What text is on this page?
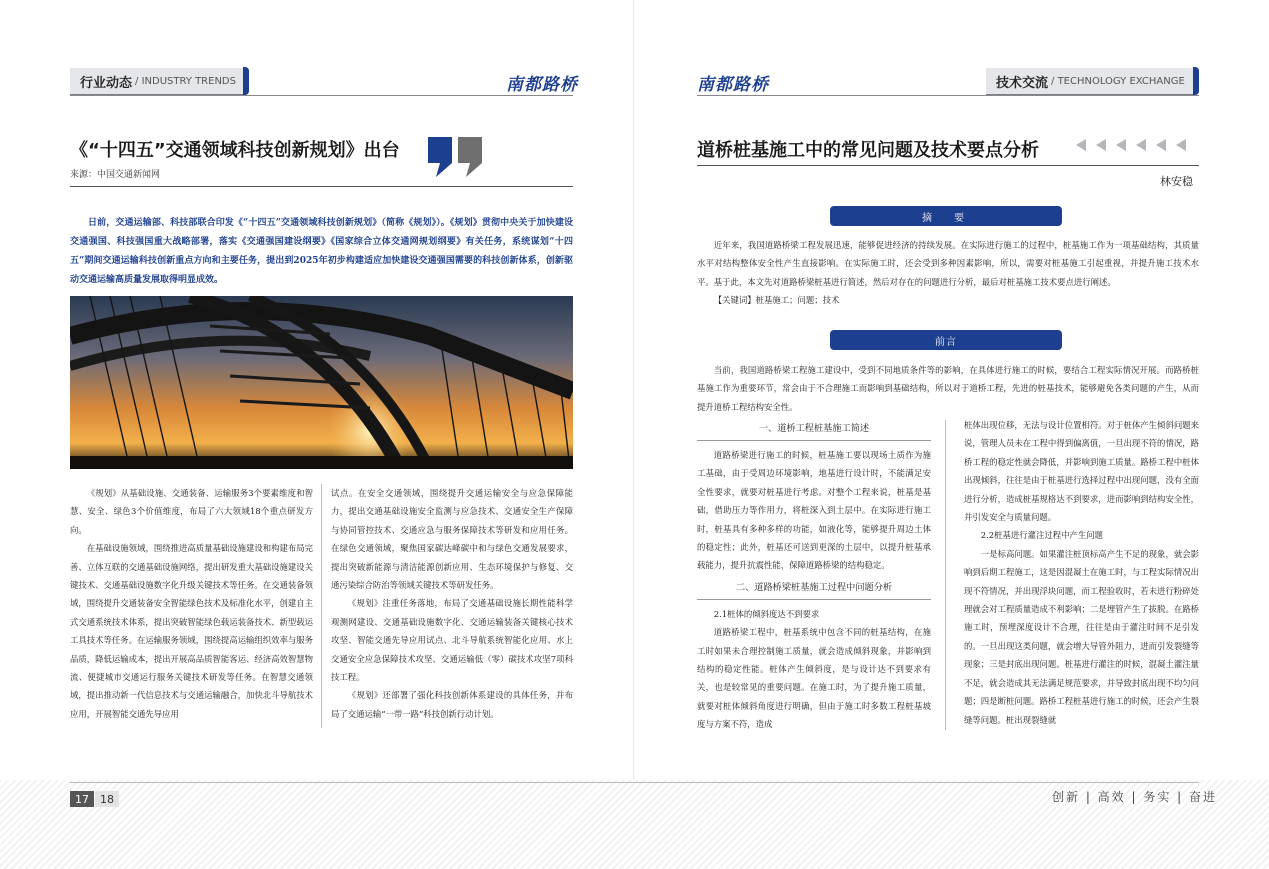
行业动态 / INDUSTRY TRENDS	南都路桥
《“十四五”交通领域科技创新规划》出台
来源：中国交通新闻网
日前，交通运输部、科技部联合印发《“十四五”交通领域科技创新规划》（简称《规划》）。《规划》贯彻中央关于加快建设交通强国、科技强国重大战略部署，落实《交通强国建设纲要》《国家综合立体交通网规划纲要》有关任务，系统谋划“十四五”期间交通运输科技创新重点方向和主要任务，提出到2025年初步构建适应加快建设交通强国需要的科技创新体系，创新驱动交通运输高质量发展取得明显成效。

《规划》从基础设施、交通装备、运输服务3个要素维度和智慧、安全、绿色3个价值维度，布局了六大领域18个重点研发方向。

在基础设施领域，围绕推进高质量基础设施建设和构建布局完善、立体互联的交通基础设施网络，提出研发重大基础设施建设关键技术、交通基础设施数字化升级关键技术等任务。在交通装备领域，围绕提升交通装备安全智能绿色技术及标准化水平，创建自主式交通系统技术体系，提出突破智能绿色载运装备技术、新型载运工具技术等任务。在运输服务领域，围绕提高运输组织效率与服务品质，降低运输成本，提出开展高品质智能客运、经济高效智慧物流、便捷城市交通运行服务关键技术研发等任务。在智慧交通领域，提出推动新一代信息技术与交通运输融合，加快北斗导航技术应用，开展智能交通先导应用

试点。在安全交通领域，围绕提升交通运输安全与应急保障能力，提出交通基础设施安全监测与应急技术、交通安全生产保障与协同管控技术、交通应急与服务保障技术等研发和应用任务。在绿色交通领域，聚焦国家碳达峰碳中和与绿色交通发展要求，提出突破新能源与清洁能源创新应用、生态环境保护与修复、交通污染综合防治等领域关键技术等研发任务。

《规划》注重任务落地，布局了交通基础设施长期性能科学观测网建设、交通基础设施数字化、交通运输装备关键核心技术攻坚、智能交通先导应用试点、北斗导航系统智能化应用、水上交通安全应急保障技术攻坚、交通运输低（零）碳技术攻坚7项科技工程。

《规划》还部署了强化科技创新体系建设的具体任务，并布局了交通运输“一带一路”科技创新行动计划。

南都路桥	技术交流 / TECHNOLOGY EXCHANGE
道桥桩基施工中的常见问题及技术要点分析
林安稳
摘　要

近年来，我国道路桥梁工程发展迅速，能够促进经济的持续发展。在实际进行施工的过程中，桩基施工作为一项基础结构，其质量水平对结构整体安全性产生直接影响。在实际施工时，还会受到多种因素影响，所以，需要对桩基施工引起重视，并提升施工技术水平。基于此，本文先对道路桥梁桩基进行简述，然后对存在的问题进行分析，最后对桩基施工技术要点进行阐述。

【关键词】桩基施工；问题；技术

前言

当前，我国道路桥梁工程施工建设中，受到不同地质条件等的影响，在具体进行施工的时候，要结合工程实际情况开展。而路桥桩基施工作为重要环节，常会由于不合理施工而影响到基础结构，所以对于道桥工程，先进的桩基技术，能够避免各类问题的产生，从而提升道桥工程结构安全性。

一、道桥工程桩基施工简述

道路桥梁进行施工的时候，桩基施工要以现场土质作为施工基础，由于受周边环境影响，地基进行设计时，不能满足安全性要求，就要对桩基进行考虑。对整个工程来说，桩基是基础，借助压力等作用力，将桩深入到土层中。在实际进行施工时，桩基具有多种多样的功能，如液化等，能够提升周边土体的稳定性；此外，桩基还可送到更深的土层中，以提升桩基承载能力，提升抗震性能，保障道路桥梁的结构稳定。

二、道路桥梁桩基施工过程中问题分析

2.1桩体的倾斜度达不到要求

道路桥梁工程中，桩基系统中包含不同的桩基结构，在施工时如果未合理控制施工质量，就会造成倾斜现象，并影响到结构的稳定性能。桩体产生倾斜度，是与设计达不到要求有关，也是较常见的重要问题。在施工时，为了提升施工质量，就要对桩体倾斜角度进行明确，但由于施工时多数工程桩基坡度与方案不符，造成

桩体出现位移，无法与设计位置相符。对于桩体产生倾斜问题来说，管理人员未在工程中得到偏离值，一旦出现不符的情况，路桥工程的稳定性就会降低，并影响到施工质量。路桥工程中桩体出现倾斜，往往是由于桩基进行选择过程中出现问题，没有全面进行分析，造成桩基规格达不到要求，进而影响到结构安全性，并引发安全与质量问题。

2.2桩基进行灌注过程中产生问题

一是标高问题。如果灌注桩顶标高产生不足的现象，就会影响到后期工程施工，这是因混凝土在施工时，与工程实际情况出现不符情况，并出现浮块问题，而工程验收时，若未进行粉碎处理就会对工程质量造成不利影响；二是埋管产生了拔脱。在路桥施工时，预埋深度设计不合理，往往是由于灌注时间不足引发的。一旦出现这类问题，就会增大导管外阻力，进而引发裂缝等现象；三是封底出现问题。桩基进行灌注的时候，混凝土灌注量不足，就会造成其无法满足规范要求，并导致封底出现不均匀问题；四是断桩问题。路桥工程桩基进行施工的时候，还会产生裂缝等问题。桩出现裂缝就

17	18	创新 | 高效 | 务实 | 奋进
